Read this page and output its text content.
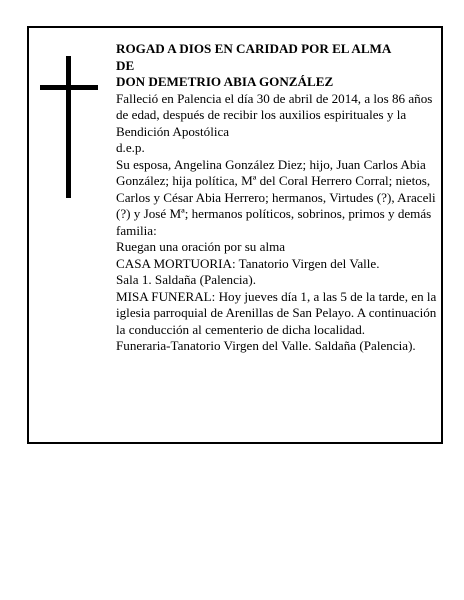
ROGAD A DIOS EN CARIDAD POR EL ALMA

DE

DON DEMETRIO ABIA GONZÁLEZ

Falleció en Palencia el día 30 de abril de 2014, a los 86 años de edad, después de recibir los auxilios espirituales y la Bendición Apostólica

d.e.p.

Su esposa, Angelina González Diez; hijo, Juan Carlos Abia González; hija política, Mª del Coral Herrero Corral; nietos, Carlos y César Abia Herrero; hermanos, Virtudes (?), Araceli (?) y José Mª; hermanos políticos, sobrinos, primos y demás familia:

Ruegan una oración por su alma

CASA MORTUORIA: Tanatorio Virgen del Valle.

Sala 1. Saldaña (Palencia).

MISA FUNERAL: Hoy jueves día 1, a las 5 de la tarde, en la iglesia parroquial de Arenillas de San Pelayo. A continuación la conducción al cementerio de dicha localidad.

Funeraria-Tanatorio Virgen del Valle. Saldaña (Palencia).
